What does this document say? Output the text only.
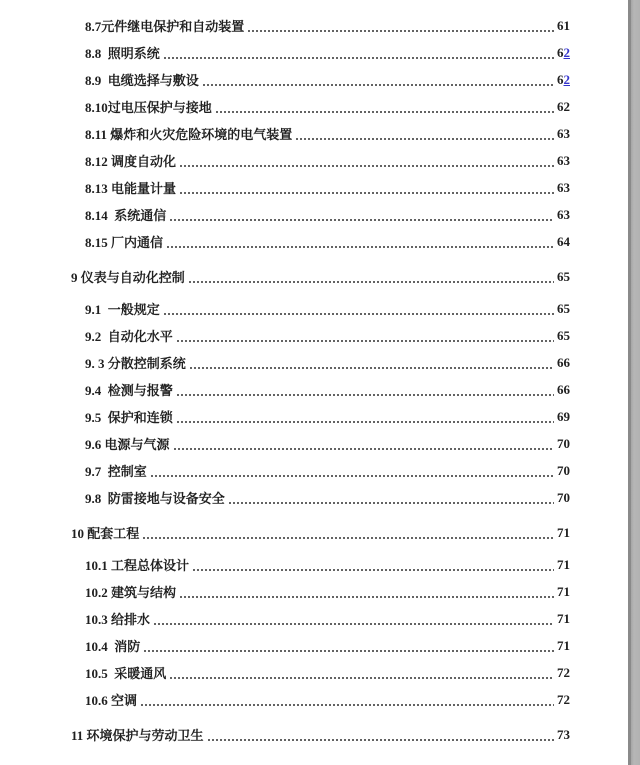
8.7元件继电保护和自动装置	61
8.8  照明系统	62
8.9  电缆选择与敷设	62
8.10过电压保护与接地	62
8.11 爆炸和火灾危险环境的电气装置	63
8.12 调度自动化	63
8.13 电能量计量	63
8.14  系统通信	63
8.15 厂内通信	64
9 仪表与自动化控制	65
9.1  一般规定	65
9.2  自动化水平	65
9. 3 分散控制系统	66
9.4  检测与报警	66
9.5  保护和连锁	69
9.6 电源与气源	70
9.7  控制室	70
9.8  防雷接地与设备安全	70
10 配套工程	71
10.1 工程总体设计	71
10.2 建筑与结构	71
10.3 给排水	71
10.4  消防	71
10.5  采暖通风	72
10.6 空调	72
11 环境保护与劳动卫生	73
